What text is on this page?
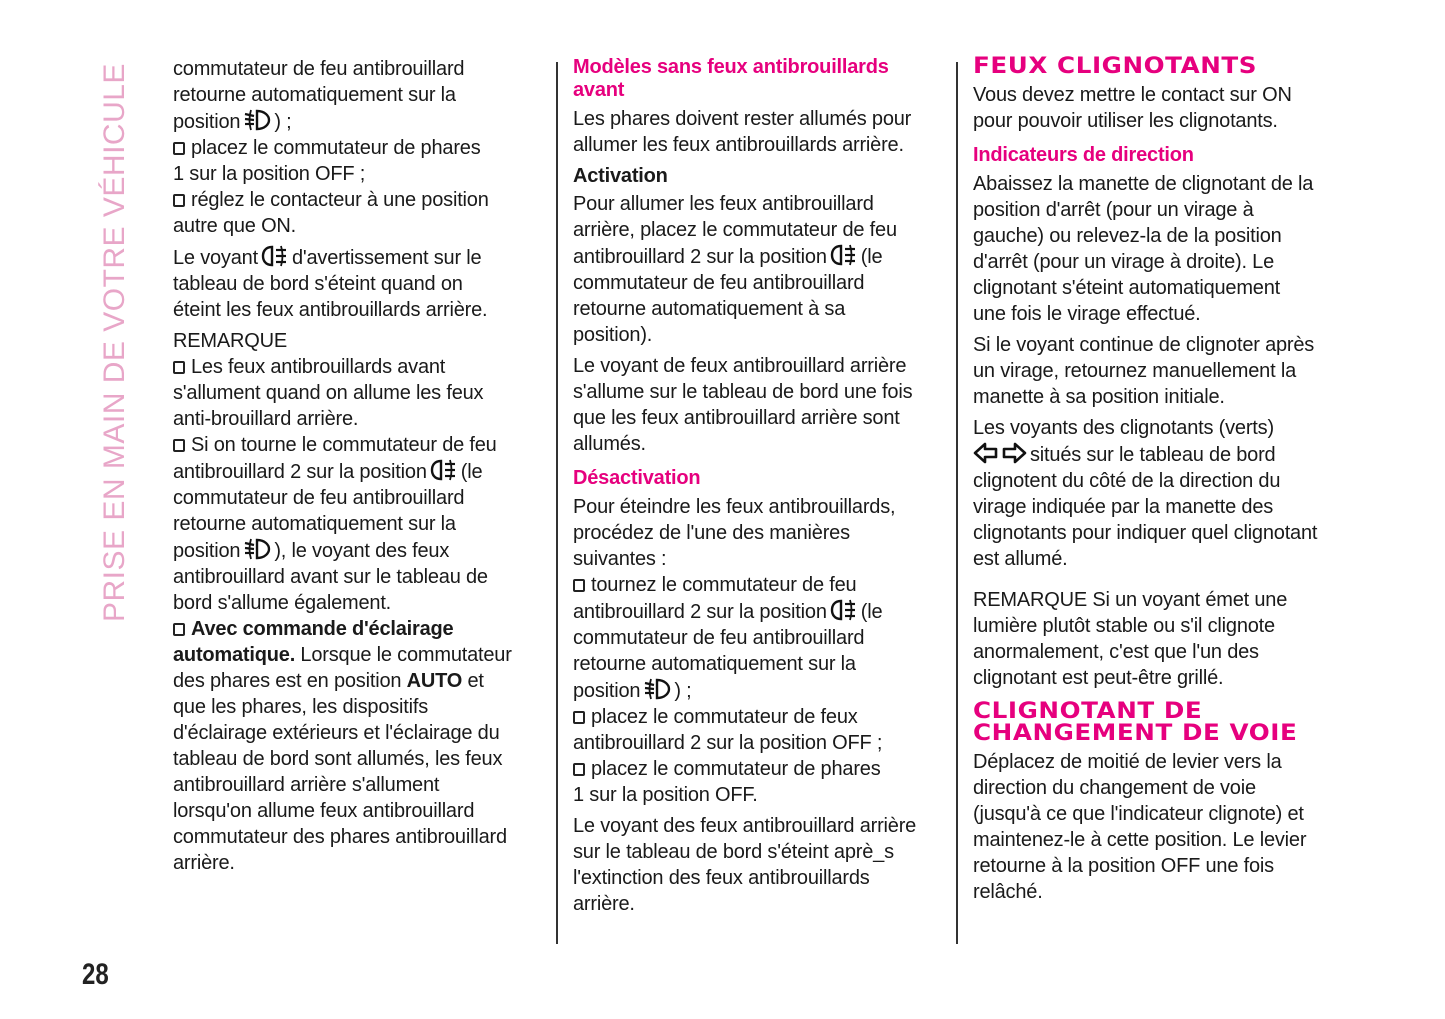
PRISE EN MAIN DE VOTRE VÉHICULE
28

commutateur de feu antibrouillard
retourne automatiquement sur la
position ) ;

placez le commutateur de phares
1 sur la position OFF ;

réglez le contacteur à une position
autre que ON.

Le voyant d'avertissement sur le
tableau de bord s'éteint quand on
éteint les feux antibrouillards arrière.

REMARQUE

Les feux antibrouillards avant
s'allument quand on allume les feux
anti-brouillard arrière.

Si on tourne le commutateur de feu
antibrouillard 2 sur la position (le
commutateur de feu antibrouillard
retourne automatiquement sur la
position ), le voyant des feux
antibrouillard avant sur le tableau de
bord s'allume également.

Avec commande d'éclairage
automatique. Lorsque le commutateur
des phares est en position AUTO et
que les phares, les dispositifs
d'éclairage extérieurs et l'éclairage du
tableau de bord sont allumés, les feux
antibrouillard arrière s'allument
lorsqu'on allume feux antibrouillard
commutateur des phares antibrouillard
arrière.

Modèles sans feux antibrouillards
avant

Les phares doivent rester allumés pour
allumer les feux antibrouillards arrière.

Activation

Pour allumer les feux antibrouillard
arrière, placez le commutateur de feu
antibrouillard 2 sur la position (le
commutateur de feu antibrouillard
retourne automatiquement à sa
position).

Le voyant de feux antibrouillard arrière
s'allume sur le tableau de bord une fois
que les feux antibrouillard arrière sont
allumés.

Désactivation

Pour éteindre les feux antibrouillards,
procédez de l'une des manières
suivantes :

tournez le commutateur de feu
antibrouillard 2 sur la position (le
commutateur de feu antibrouillard
retourne automatiquement sur la
position ) ;

placez le commutateur de feux
antibrouillard 2 sur la position OFF ;

placez le commutateur de phares
1 sur la position OFF.

Le voyant des feux antibrouillard arrière
sur le tableau de bord s'éteint aprè_s
l'extinction des feux antibrouillards
arrière.

FEUX CLIGNOTANTS

Vous devez mettre le contact sur ON
pour pouvoir utiliser les clignotants.

Indicateurs de direction

Abaissez la manette de clignotant de la
position d'arrêt (pour un virage à
gauche) ou relevez-la de la position
d'arrêt (pour un virage à droite). Le
clignotant s'éteint automatiquement
une fois le virage effectué.

Si le voyant continue de clignoter après
un virage, retournez manuellement la
manette à sa position initiale.

Les voyants des clignotants (verts)
situés sur le tableau de bord
clignotent du côté de la direction du
virage indiquée par la manette des
clignotants pour indiquer quel clignotant
est allumé.

REMARQUE Si un voyant émet une
lumière plutôt stable ou s'il clignote
anormalement, c'est que l'un des
clignotant est peut-être grillé.

CLIGNOTANT DE
CHANGEMENT DE VOIE

Déplacez de moitié de levier vers la
direction du changement de voie
(jusqu'à ce que l'indicateur clignote) et
maintenez-le à cette position. Le levier
retourne à la position OFF une fois
relâché.
